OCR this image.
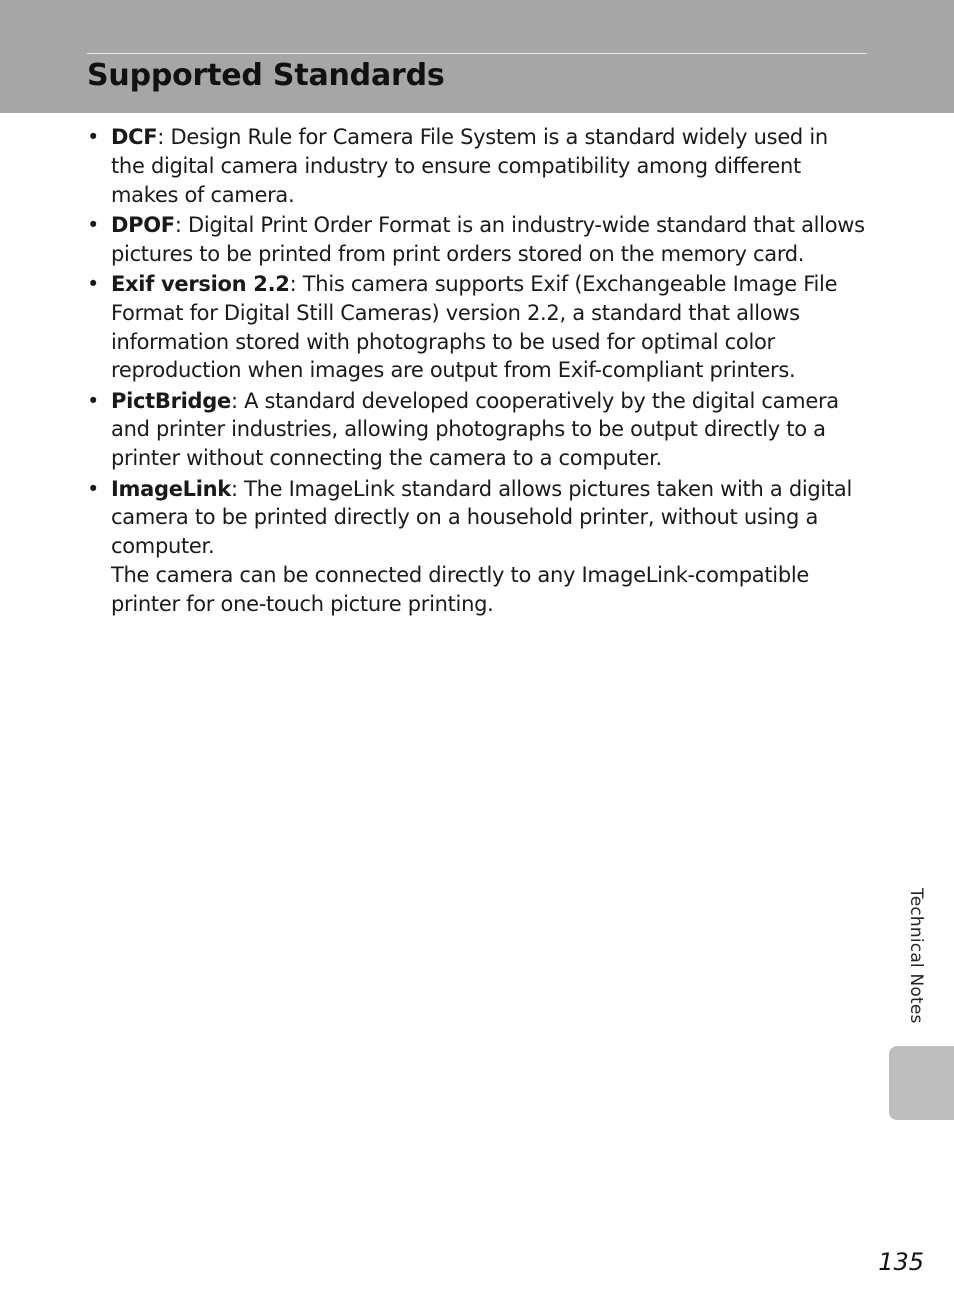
Supported Standards
• DCF: Design Rule for Camera File System is a standard widely used in the digital camera industry to ensure compatibility among different makes of camera.

• DPOF: Digital Print Order Format is an industry-wide standard that allows pictures to be printed from print orders stored on the memory card.

• Exif version 2.2: This camera supports Exif (Exchangeable Image File Format for Digital Still Cameras) version 2.2, a standard that allows information stored with photographs to be used for optimal color reproduction when images are output from Exif-compliant printers.

• PictBridge: A standard developed cooperatively by the digital camera and printer industries, allowing photographs to be output directly to a printer without connecting the camera to a computer.

• ImageLink: The ImageLink standard allows pictures taken with a digital camera to be printed directly on a household printer, without using a computer.

The camera can be connected directly to any ImageLink-compatible printer for one-touch picture printing.

Technical Notes
135
